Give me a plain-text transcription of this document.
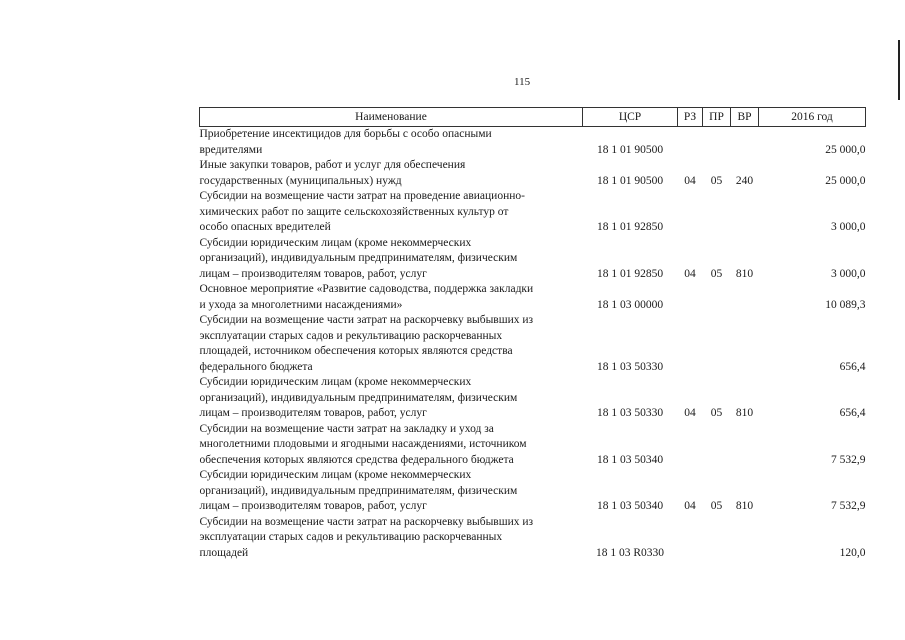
115
Наименование	ЦСР	РЗ	ПР	ВР	2016 год

Приобретение инсектицидов для борьбы с особо опасными
вредителями	18 1 01 90500				25 000,0

Иные закупки товаров, работ и услуг для обеспечения
государственных (муниципальных) нужд	18 1 01 90500	04	05	240	25 000,0

Субсидии на возмещение части затрат на проведение авиационно-
химических работ по защите сельскохозяйственных культур от
особо опасных вредителей	18 1 01 92850				3 000,0

Субсидии юридическим лицам (кроме некоммерческих
организаций), индивидуальным предпринимателям, физическим
лицам – производителям товаров, работ, услуг	18 1 01 92850	04	05	810	3 000,0

Основное мероприятие «Развитие садоводства, поддержка закладки
и ухода за многолетними насаждениями»	18 1 03 00000				10 089,3

Субсидии на возмещение части затрат на раскорчевку выбывших из
эксплуатации старых садов и рекультивацию раскорчеванных
площадей, источником обеспечения которых являются средства
федерального бюджета	18 1 03 50330				656,4

Субсидии юридическим лицам (кроме некоммерческих
организаций), индивидуальным предпринимателям, физическим
лицам – производителям товаров, работ, услуг	18 1 03 50330	04	05	810	656,4

Субсидии на возмещение части затрат на закладку и уход за
многолетними плодовыми и ягодными насаждениями, источником
обеспечения которых являются средства федерального бюджета	18 1 03 50340				7 532,9

Субсидии юридическим лицам (кроме некоммерческих
организаций), индивидуальным предпринимателям, физическим
лицам – производителям товаров, работ, услуг	18 1 03 50340	04	05	810	7 532,9

Субсидии на возмещение части затрат на раскорчевку выбывших из
эксплуатации старых садов и рекультивацию раскорчеванных
площадей	18 1 03 R0330				120,0
